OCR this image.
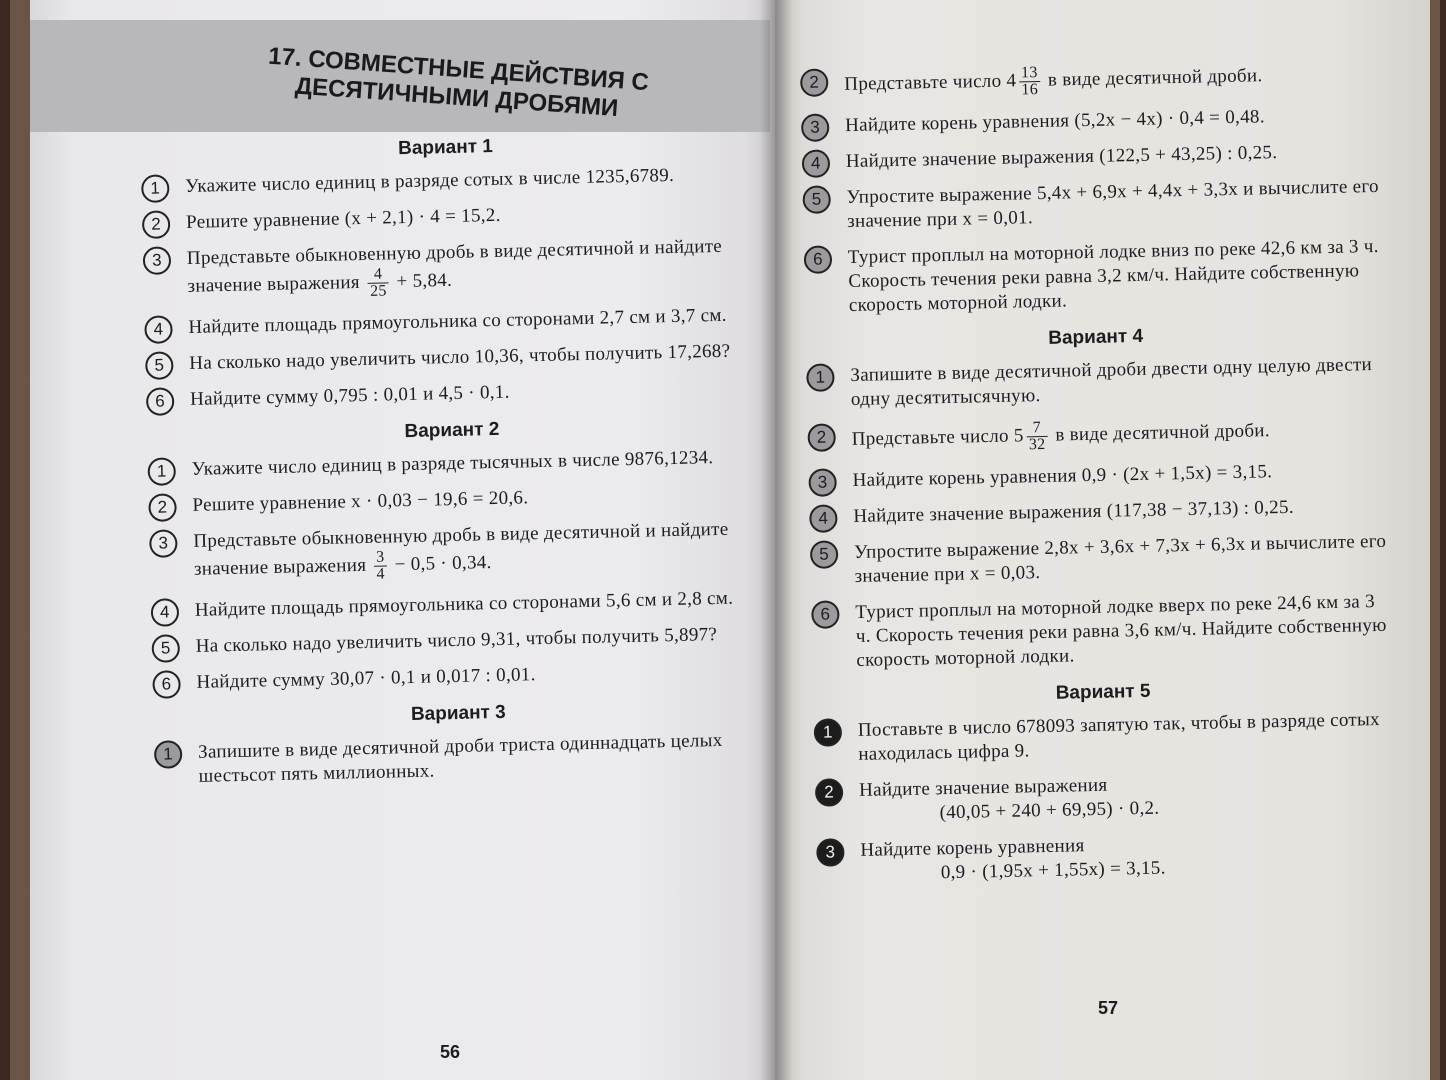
17. СОВМЕСТНЫЕ ДЕЙСТВИЯ С ДЕСЯТИЧНЫМИ ДРОБЯМИ
Вариант 1
1	Укажите число единиц в разряде сотых в числе 1235,6789.
2	Решите уравнение (x + 2,1) · 4 = 15,2.
3	Представьте обыкновенную дробь в виде десятичной и найдите значение выражения $\frac{4}{25} + 5,84$.
4	Найдите площадь прямоугольника со сторонами 2,7 см и 3,7 см.
5	На сколько надо увеличить число 10,36, чтобы получить 17,268?
6	Найдите сумму 0,795 : 0,01 и 4,5 · 0,1.
Вариант 2
1	Укажите число единиц в разряде тысячных в числе 9876,1234.
2	Решите уравнение x · 0,03 − 19,6 = 20,6.
3	Представьте обыкновенную дробь в виде десятичной и найдите значение выражения $\frac{3}{4} - 0,5 \cdot 0,34$.
4	Найдите площадь прямоугольника со сторонами 5,6 см и 2,8 см.
5	На сколько надо увеличить число 9,31, чтобы получить 5,897?
6	Найдите сумму 30,07 · 0,1 и 0,017 : 0,01.
Вариант 3
1	Запишите в виде десятичной дроби триста одиннадцать целых шестьсот пять миллионных.
2	Представьте число $4 \frac{13}{16}$ в виде десятичной дроби.
3	Найдите корень уравнения (5,2x − 4x) · 0,4 = 0,48.
4	Найдите значение выражения (122,5 + 43,25) : 0,25.
5	Упростите выражение 5,4x + 6,9x + 4,4x + 3,3x и вычислите его значение при x = 0,01.
6	Турист проплыл на моторной лодке вниз по реке 42,6 км за 3 ч. Скорость течения реки равна 3,2 км/ч. Найдите собственную скорость моторной лодки.
Вариант 4
1	Запишите в виде десятичной дроби двести одну целую двести одну десятитысячную.
2	Представьте число $5 \frac{7}{32}$ в виде десятичной дроби.
3	Найдите корень уравнения 0,9 · (2x + 1,5x) = 3,15.
4	Найдите значение выражения (117,38 − 37,13) : 0,25.
5	Упростите выражение 2,8x + 3,6x + 7,3x + 6,3x и вычислите его значение при x = 0,03.
6	Турист проплыл на моторной лодке вверх по реке 24,6 км за 3 ч. Скорость течения реки равна 3,6 км/ч. Найдите собственную скорость моторной лодки.
Вариант 5
1	Поставьте в число 678093 запятую так, чтобы в разряде сотых находилась цифра 9.
2	Найдите значение выражения
(40,05 + 240 + 69,95) · 0,2.
3	Найдите корень уравнения
0,9 · (1,95x + 1,55x) = 3,15.
56
57
